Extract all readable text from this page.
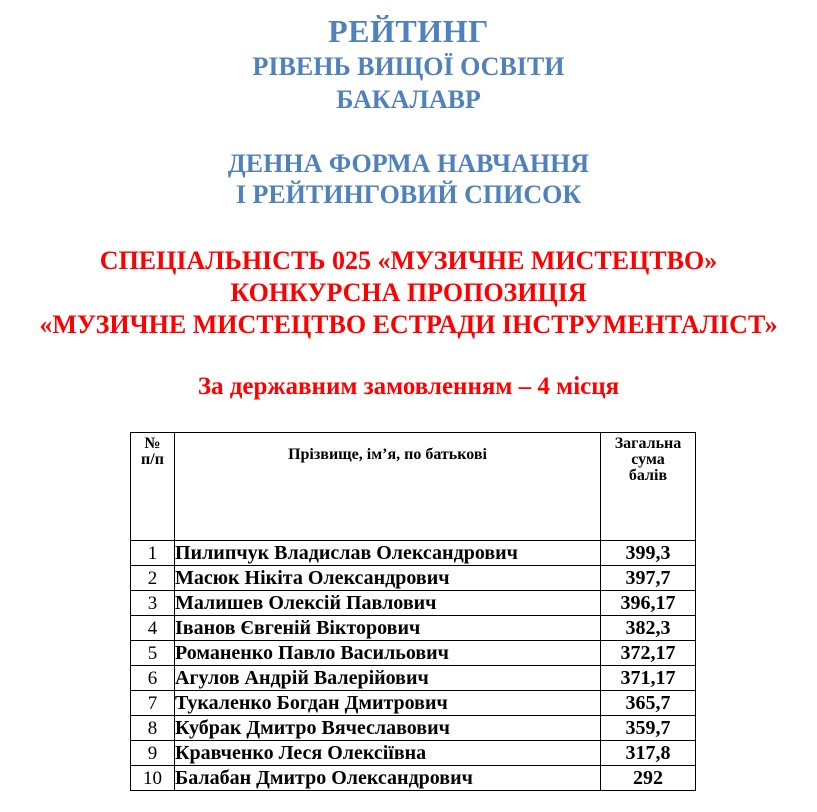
РЕЙТИНГ
РІВЕНЬ ВИЩОЇ ОСВІТИ
БАКАЛАВР
ДЕННА ФОРМА НАВЧАННЯ
І РЕЙТИНГОВИЙ СПИСОК
СПЕЦІАЛЬНІСТЬ 025 «МУЗИЧНЕ МИСТЕЦТВО»
КОНКУРСНА ПРОПОЗИЦІЯ
«МУЗИЧНЕ МИСТЕЦТВО ЕСТРАДИ ІНСТРУМЕНТАЛІСТ»
За державним замовленням – 4 місця
№
п/п	Прізвище, ім’я, по батькові	Загальна
сума
балів
1	Пилипчук Владислав Олександрович	399,3
2	Масюк Нікіта Олександрович	397,7
3	Малишев Олексій Павлович	396,17
4	Іванов Євгеній Вікторович	382,3
5	Романенко Павло Васильович	372,17
6	Агулов Андрій Валерійович	371,17
7	Тукаленко Богдан Дмитрович	365,7
8	Кубрак Дмитро Вячеславович	359,7
9	Кравченко Леся Олексіївна	317,8
10	Балабан Дмитро Олександрович	292
